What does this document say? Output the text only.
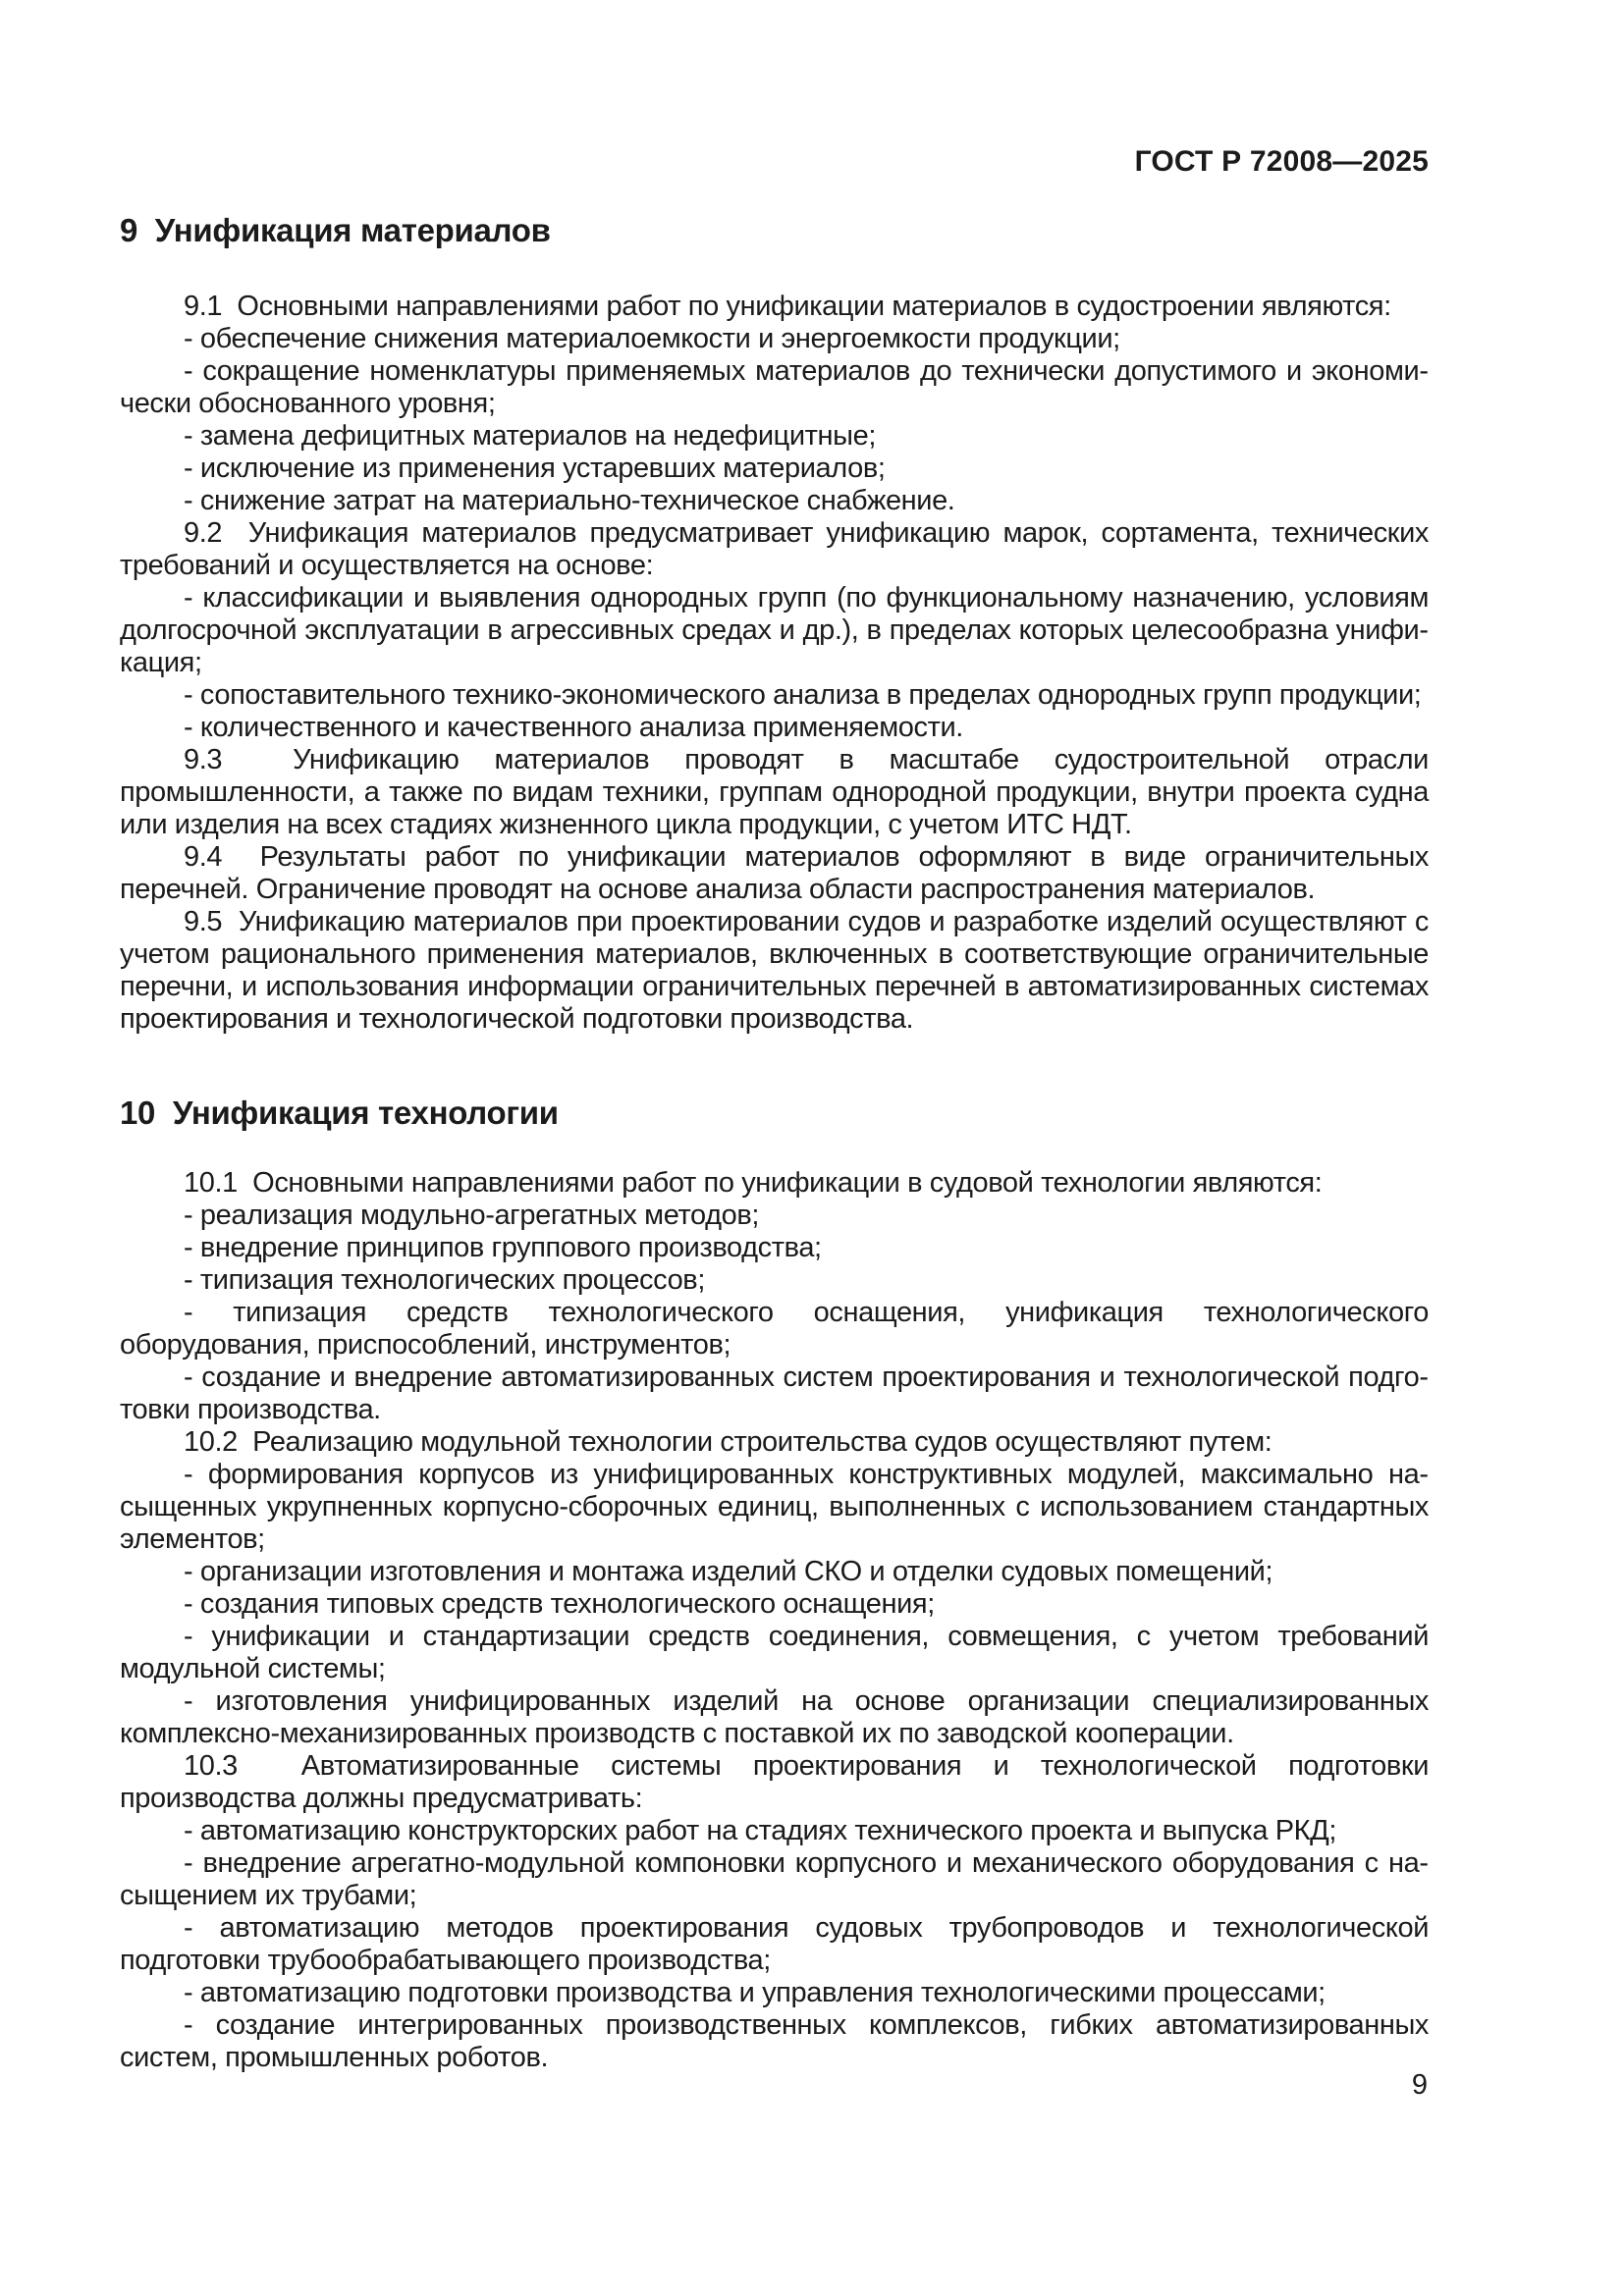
ГОСТ Р 72008—2025
9  Унификация материалов

9.1  Основными направлениями работ по унификации материалов в судостроении являются:

- обеспечение снижения материалоемкости и энергоемкости продукции;

- сокращение номенклатуры применяемых материалов до технически допустимого и экономически обоснованного уровня;

- замена дефицитных материалов на недефицитные;

- исключение из применения устаревших материалов;

- снижение затрат на материально-техническое снабжение.

9.2  Унификация материалов предусматривает унификацию марок, сортамента, технических требований и осуществляется на основе:

- классификации и выявления однородных групп (по функциональному назначению, условиям долгосрочной эксплуатации в агрессивных средах и др.), в пределах которых целесообразна унификация;

- сопоставительного технико-экономического анализа в пределах однородных групп продукции;

- количественного и качественного анализа применяемости.

9.3  Унификацию материалов проводят в масштабе судостроительной отрасли промышленности, а также по видам техники, группам однородной продукции, внутри проекта судна или изделия на всех стадиях жизненного цикла продукции, с учетом ИТС НДТ.

9.4  Результаты работ по унификации материалов оформляют в виде ограничительных перечней. Ограничение проводят на основе анализа области распространения материалов.

9.5  Унификацию материалов при проектировании судов и разработке изделий осуществляют с учетом рационального применения материалов, включенных в соответствующие ограничительные перечни, и использования информации ограничительных перечней в автоматизированных системах проектирования и технологической подготовки производства.

10  Унификация технологии

10.1  Основными направлениями работ по унификации в судовой технологии являются:

- реализация модульно-агрегатных методов;

- внедрение принципов группового производства;

- типизация технологических процессов;

- типизация средств технологического оснащения, унификация технологического оборудования, приспособлений, инструментов;

- создание и внедрение автоматизированных систем проектирования и технологической подготовки производства.

10.2  Реализацию модульной технологии строительства судов осуществляют путем:

- формирования корпусов из унифицированных конструктивных модулей, максимально насыщенных укрупненных корпусно-сборочных единиц, выполненных с использованием стандартных элементов;

- организации изготовления и монтажа изделий СКО и отделки судовых помещений;

- создания типовых средств технологического оснащения;

- унификации и стандартизации средств соединения, совмещения, с учетом требований модульной системы;

- изготовления унифицированных изделий на основе организации специализированных комплексно-механизированных производств с поставкой их по заводской кооперации.

10.3  Автоматизированные системы проектирования и технологической подготовки производства должны предусматривать:

- автоматизацию конструкторских работ на стадиях технического проекта и выпуска РКД;

- внедрение агрегатно-модульной компоновки корпусного и механического оборудования с насыщением их трубами;

- автоматизацию методов проектирования судовых трубопроводов и технологической подготовки трубообрабатывающего производства;

- автоматизацию подготовки производства и управления технологическими процессами;

- создание интегрированных производственных комплексов, гибких автоматизированных систем, промышленных роботов.

9
